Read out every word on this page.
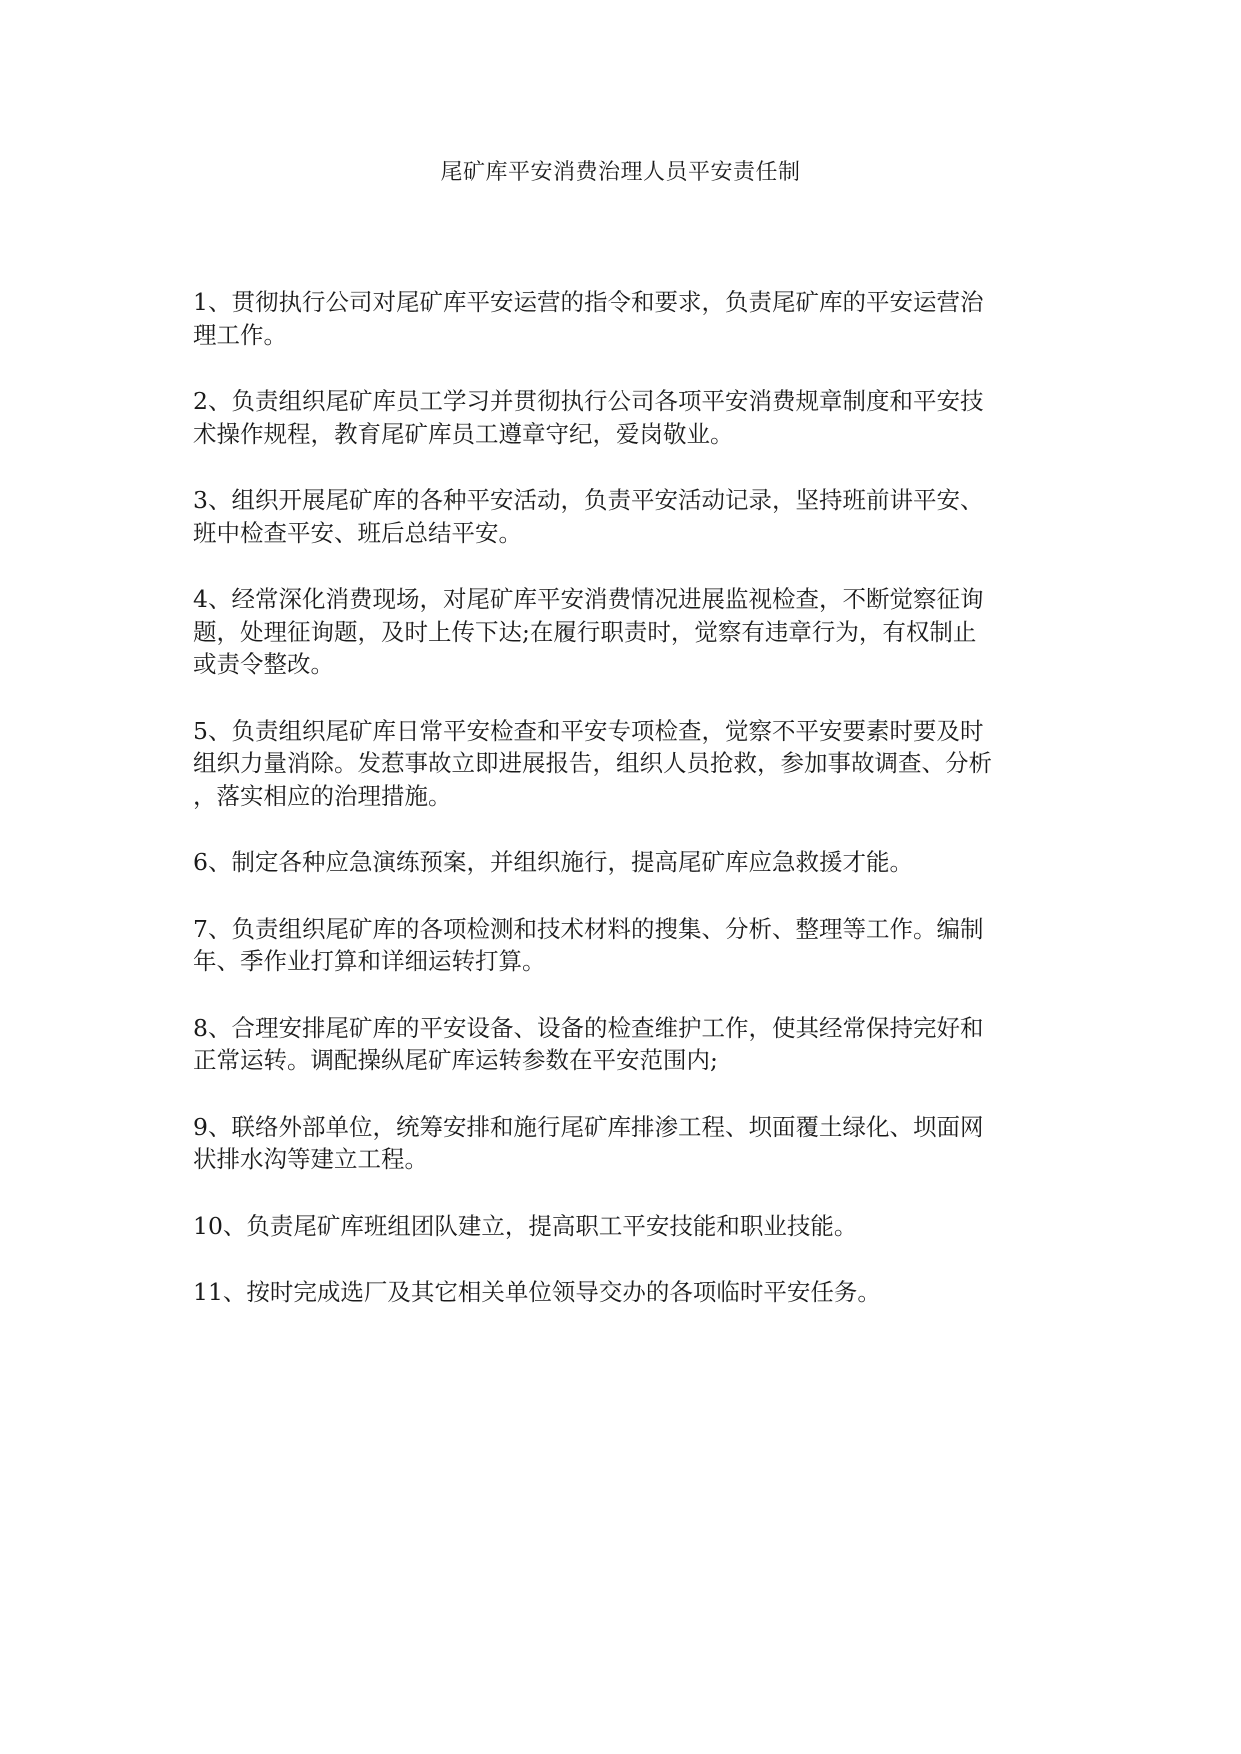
尾矿库平安消费治理人员平安责任制

1、贯彻执行公司对尾矿库平安运营的指令和要求，负责尾矿库的平安运营治
理工作。

2、负责组织尾矿库员工学习并贯彻执行公司各项平安消费规章制度和平安技
术操作规程，教育尾矿库员工遵章守纪，爱岗敬业。

3、组织开展尾矿库的各种平安活动，负责平安活动记录，坚持班前讲平安、
班中检查平安、班后总结平安。

4、经常深化消费现场，对尾矿库平安消费情况进展监视检查，不断觉察征询
题，处理征询题，及时上传下达;在履行职责时，觉察有违章行为，有权制止
或责令整改。

5、负责组织尾矿库日常平安检查和平安专项检查，觉察不平安要素时要及时
组织力量消除。发惹事故立即进展报告，组织人员抢救，参加事故调查、分析
，落实相应的治理措施。

6、制定各种应急演练预案，并组织施行，提高尾矿库应急救援才能。

7、负责组织尾矿库的各项检测和技术材料的搜集、分析、整理等工作。编制
年、季作业打算和详细运转打算。

8、合理安排尾矿库的平安设备、设备的检查维护工作，使其经常保持完好和
正常运转。调配操纵尾矿库运转参数在平安范围内;

9、联络外部单位，统筹安排和施行尾矿库排渗工程、坝面覆土绿化、坝面网
状排水沟等建立工程。

10、负责尾矿库班组团队建立，提高职工平安技能和职业技能。

11、按时完成选厂及其它相关单位领导交办的各项临时平安任务。
